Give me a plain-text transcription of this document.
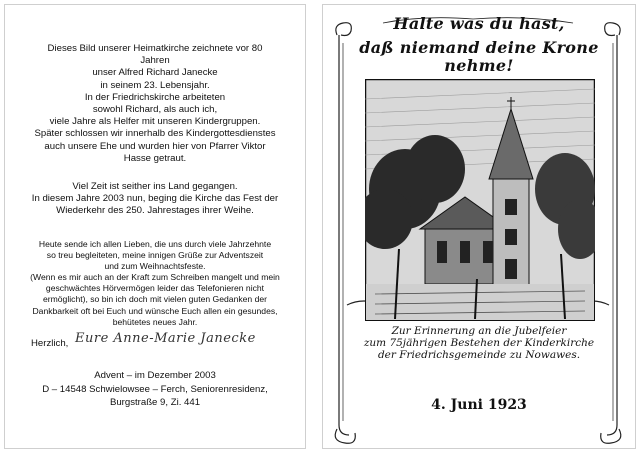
Dieses Bild unserer Heimatkirche zeichnete vor 80

Jahren

unser Alfred Richard Janecke

in seinem 23. Lebensjahr.

In der Friedrichskirche arbeiteten

sowohl Richard, als auch ich,

viele Jahre als Helfer mit unseren Kindergruppen.

Später schlossen wir innerhalb des Kindergottesdienstes

auch unsere Ehe und wurden hier von Pfarrer Viktor

Hasse getraut.

Viel Zeit ist seither ins Land gegangen.

In diesem Jahre 2003 nun, beging die Kirche das Fest der

Wiederkehr des 250. Jahrestages ihrer Weihe.

Heute sende ich allen Lieben, die uns durch viele Jahrzehnte

so treu begleiteten, meine innigen Grüße zur Adventszeit

und zum Weihnachtsfeste.

(Wenn es mir auch an der Kraft zum Schreiben mangelt und mein

geschwächtes Hörvermögen leider das Telefonieren nicht

ermöglicht), so bin ich doch mit vielen guten Gedanken der

Dankbarkeit oft bei Euch und wünsche Euch allen ein gesundes,

behütetes neues Jahr.

Herzlich, Eure Anne-Marie Janecke

Advent – im Dezember 2003

D – 14548 Schwielowsee – Ferch, Seniorenresidenz,

Burgstraße 9, Zi. 441

Halte was du hast,
daß niemand deine Krone nehme!
Zur Erinnerung an die Jubelfeier
zum 75jährigen Bestehen der Kinderkirche
der Friedrichsgemeinde zu Nowawes.
4. Juni 1923
